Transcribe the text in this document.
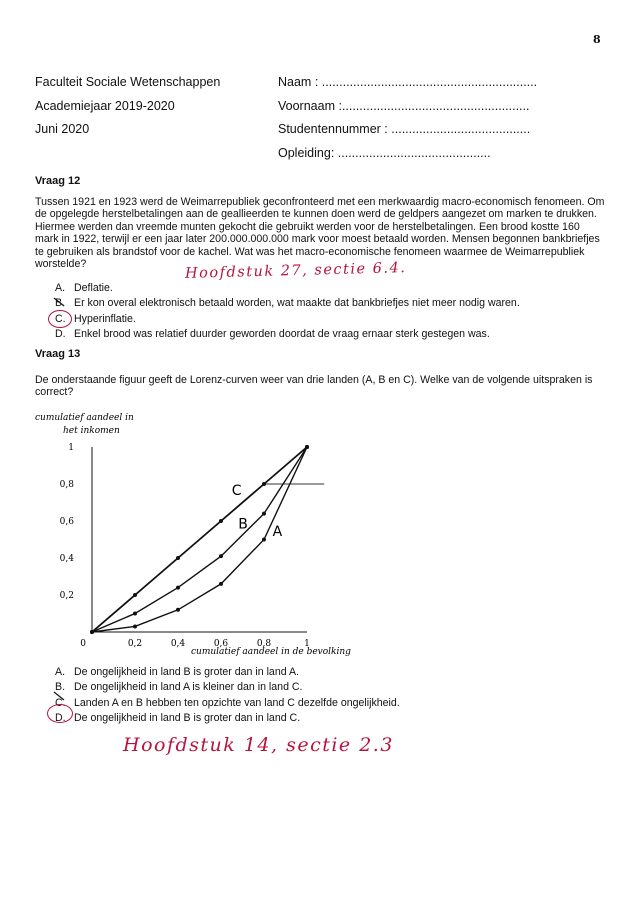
8
Faculteit Sociale Wetenschappen
Academiejaar 2019-2020
Juni 2020
Naam : ..............................................................
Voornaam :......................................................
Studentennummer : ........................................
Opleiding: ............................................
Vraag 12
Tussen 1921 en 1923 werd de Weimarrepubliek geconfronteerd met een merkwaardig macro-economisch fenomeen. Om de opgelegde herstelbetalingen aan de geallieerden te kunnen doen werd de geldpers aangezet om marken te drukken. Hiermee werden dan vreemde munten gekocht die gebruikt werden voor de herstelbetalingen. Een brood kostte 160 mark in 1922, terwijl er een jaar later 200.000.000.000 mark voor moest betaald worden. Mensen begonnen bankbriefjes te gebruiken als brandstof voor de kachel. Wat was het macro-economische fenomeen waarmee de Weimarrepubliek worstelde?	Hoofdstuk 27, sectie 6.4.
A. Deflatie.
B. Er kon overal elektronisch betaald worden, wat maakte dat bankbriefjes niet meer nodig waren.
C. Hyperinflatie.
D. Enkel brood was relatief duurder geworden doordat de vraag ernaar sterk gestegen was.
Vraag 13
De onderstaande figuur geeft de Lorenz-curven weer van drie landen (A, B en C). Welke van de volgende uitspraken is correct?
cumulatief aandeel in
het inkomen
0	0,2	0,4	0,6	0,8	1
0,2
0,4
0,6
0,8
1
C
B A
cumulatief aandeel in de bevolking
A. De ongelijkheid in land B is groter dan in land A.
B. De ongelijkheid in land A is kleiner dan in land C.
C. Landen A en B hebben ten opzichte van land C dezelfde ongelijkheid.
D. De ongelijkheid in land B is groter dan in land C.
Hoofdstuk 14, sectie 2.3
